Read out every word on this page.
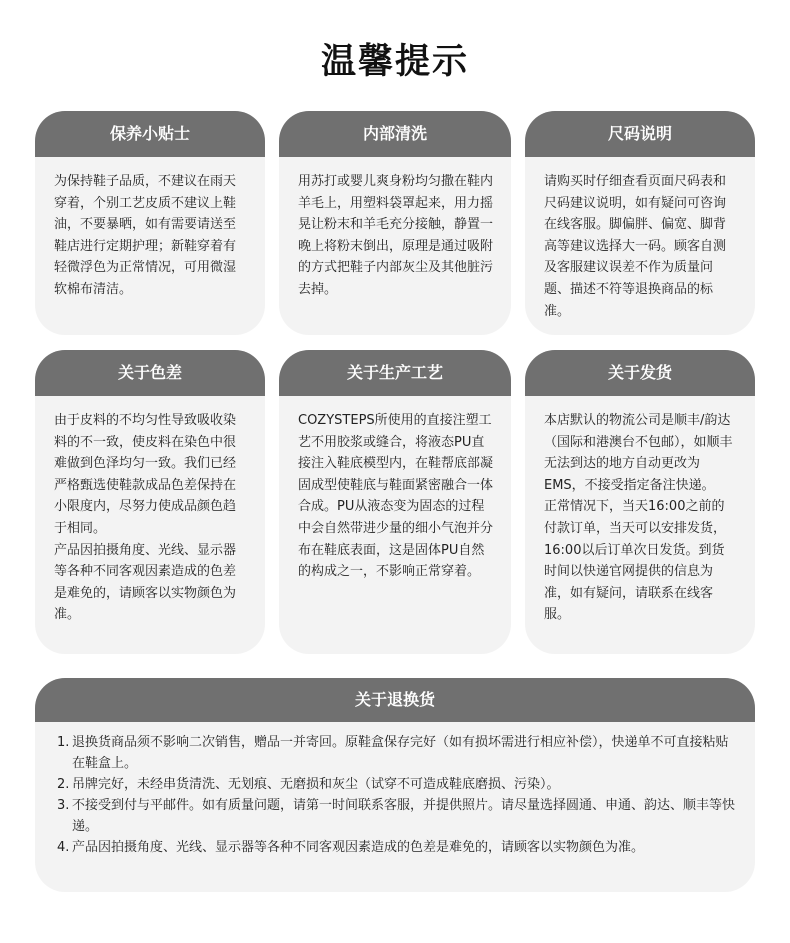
温馨提示
保养小贴士

为保持鞋子品质，不建议在雨天穿着，个别工艺皮质不建议上鞋油，不要暴晒，如有需要请送至鞋店进行定期护理；新鞋穿着有轻微浮色为正常情况，可用微湿软棉布清洁。

内部清洗

用苏打或婴儿爽身粉均匀撒在鞋内羊毛上，用塑料袋罩起来，用力摇晃让粉末和羊毛充分接触，静置一晚上将粉末倒出，原理是通过吸附的方式把鞋子内部灰尘及其他脏污去掉。

尺码说明

请购买时仔细查看页面尺码表和尺码建议说明，如有疑问可咨询在线客服。脚偏胖、偏宽、脚背高等建议选择大一码。顾客自测及客服建议误差不作为质量问题、描述不符等退换商品的标准。

关于色差

由于皮料的不均匀性导致吸收染料的不一致，使皮料在染色中很难做到色泽均匀一致。我们已经严格甄选使鞋款成品色差保持在小限度内，尽努力使成品颜色趋于相同。

产品因拍摄角度、光线、显示器等各种不同客观因素造成的色差是难免的，请顾客以实物颜色为准。

关于生产工艺

COZYSTEPS所使用的直接注塑工艺不用胶浆或缝合，将液态PU直接注入鞋底模型内，在鞋帮底部凝固成型使鞋底与鞋面紧密融合一体合成。PU从液态变为固态的过程中会自然带进少量的细小气泡并分布在鞋底表面，这是固体PU自然的构成之一，不影响正常穿着。

关于发货

本店默认的物流公司是顺丰/韵达（国际和港澳台不包邮），如顺丰无法到达的地方自动更改为EMS，不接受指定备注快递。

正常情况下，当天16:00之前的付款订单，当天可以安排发货，16:00以后订单次日发货。到货时间以快递官网提供的信息为准，如有疑问，请联系在线客服。

关于退换货
1. 退换货商品须不影响二次销售，赠品一并寄回。原鞋盒保存完好（如有损坏需进行相应补偿），快递单不可直接粘贴在鞋盒上。
2. 吊牌完好，未经串货清洗、无划痕、无磨损和灰尘（试穿不可造成鞋底磨损、污染）。
3. 不接受到付与平邮件。如有质量问题，请第一时间联系客服，并提供照片。请尽量选择圆通、申通、韵达、顺丰等快递。
4. 产品因拍摄角度、光线、显示器等各种不同客观因素造成的色差是难免的，请顾客以实物颜色为准。
